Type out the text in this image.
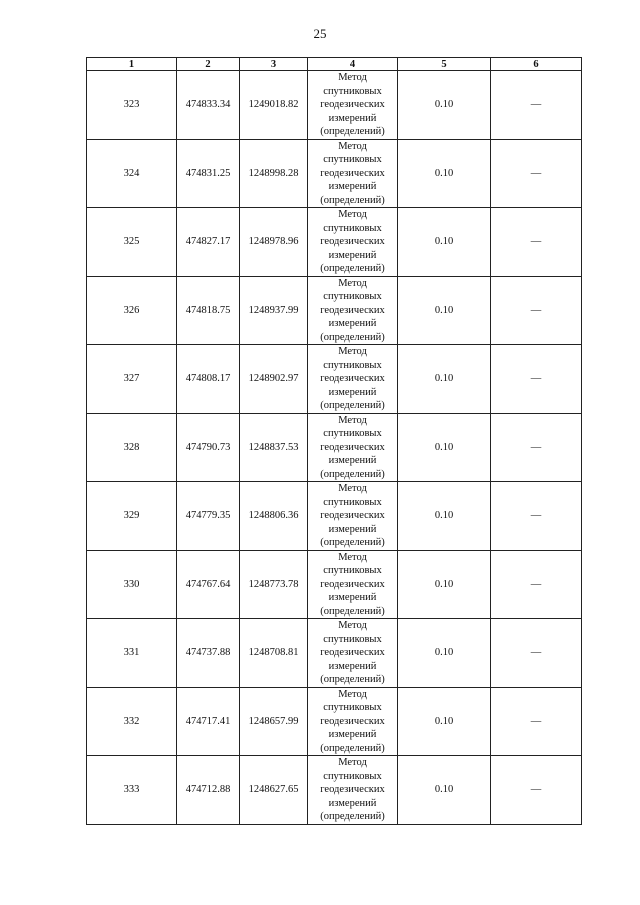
25
1	2	3	4	5	6
323	474833.34	1249018.82	Метод
спутниковых
геодезических
измерений
(определений)	0.10	—
324	474831.25	1248998.28	Метод
спутниковых
геодезических
измерений
(определений)	0.10	—
325	474827.17	1248978.96	Метод
спутниковых
геодезических
измерений
(определений)	0.10	—
326	474818.75	1248937.99	Метод
спутниковых
геодезических
измерений
(определений)	0.10	—
327	474808.17	1248902.97	Метод
спутниковых
геодезических
измерений
(определений)	0.10	—
328	474790.73	1248837.53	Метод
спутниковых
геодезических
измерений
(определений)	0.10	—
329	474779.35	1248806.36	Метод
спутниковых
геодезических
измерений
(определений)	0.10	—
330	474767.64	1248773.78	Метод
спутниковых
геодезических
измерений
(определений)	0.10	—
331	474737.88	1248708.81	Метод
спутниковых
геодезических
измерений
(определений)	0.10	—
332	474717.41	1248657.99	Метод
спутниковых
геодезических
измерений
(определений)	0.10	—
333	474712.88	1248627.65	Метод
спутниковых
геодезических
измерений
(определений)	0.10	—
